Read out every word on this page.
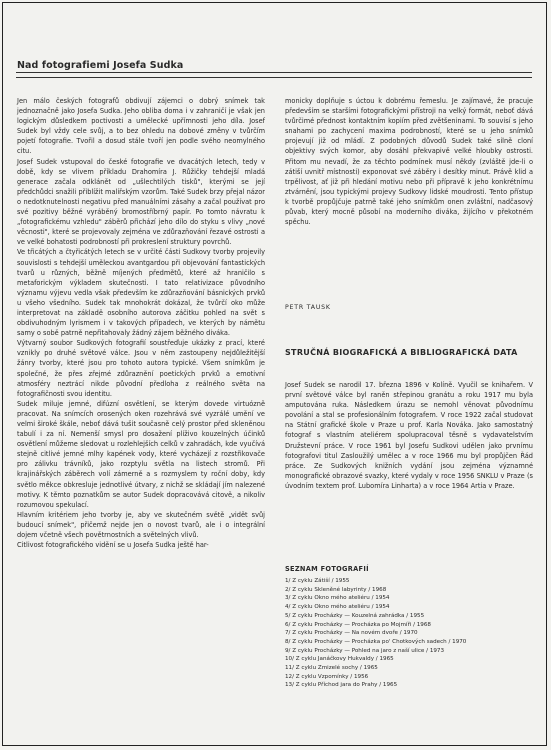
Nad fotografiemi Josefa Sudka

Jen málo českých fotografů obdivují zájemci o dobrý snímek tak jednoznačně jako Josefa Sudka. Jeho obliba doma i v zahraničí je však jen logickým důsledkem poctivosti a umělecké upřímnosti jeho díla. Josef Sudek byl vždy cele svůj, a to bez ohledu na dobové změny v tvůrčím pojetí fotografie. Tvořil a dosud stále tvoří jen podle svého neomylného citu.

Josef Sudek vstupoval do české fotografie ve dvacátých letech, tedy v době, kdy se vlivem příkladu Drahomíra J. Růžičky tehdejší mladá generace začala odklánět od „ušlechtilých tisků", kterými se její předchůdci snažili přiblížit malířským vzorům. Také Sudek brzy přejal názor o nedotknutelnosti negativu před manuálními zásahy a začal používat pro své pozitivy běžné vyráběný bromostříbrný papír. Po tomto návratu k „fotografickému vzhledu" záběrů přichází jeho dílo do styku s vlivy „nové věcnosti", které se projevovaly zejména ve zdůrazňování řezavé ostrosti a ve velké bohatosti podrobností při prokreslení struktury povrchů.

Ve třicátých a čtyřicátých letech se v určité části Sudkovy tvorby projevily souvislosti s tehdejší uměleckou avantgardou při objevování fantastických tvarů u různých, běžně míjených předmětů, které až hraničilo s metaforickým výkladem skutečnosti. I tato relativizace původního významu výjevu vedla však především ke zdůrazňování básnických prvků u všeho všedního. Sudek tak mnohokrát dokázal, že tvůrčí oko může interpretovat na základě osobního autorova záčitku pohled na svět s obdivuhodným lyrismem i v takových případech, ve kterých by námětu samy o sobě patrně nepřitahovaly žádný zájem běžného diváka.

Výtvarný soubor Sudkových fotografií soustřeďuje ukázky z prací, které vznikly po druhé světové válce. Jsou v něm zastoupeny nejdůležitější žánry tvorby, které jsou pro tohoto autora typické. Všem snímkům je společné, že přes zřejmé zdůraznění poetických prvků a emotivní atmosféry neztrácí nikde původní předloha z reálného světa na fotografičnosti svou identitu.

Sudek miluje jemné, difúzní osvětlení, se kterým dovede virtuózně pracovat. Na snímcích orosených oken rozehrává své vyzrálé umění ve velmi široké škále, neboť dává tušit současně celý prostor před skleněnou tabulí i za ní. Nemenší smysl pro dosažení plíživo kouzelných účinků osvětlení můžeme sledovat u rozlehlejších celků v zahradách, kde vyučívá stejně citlivé jemné mlhy kapének vody, které vycházejí z rozstřikovače pro zálivku trávníků, jako rozptylu světla na listech stromů. Při krajinářských záběrech volí zámerně a s rozmyslem ty roční doby, kdy světlo měkce obkresluje jednotlivé útvary, z nichž se skládají jím nalezené motivy. K těmto poznatkům se autor Sudek dopracovává citově, a nikoliv rozumovou spekulací.

Hlavním kritériem jeho tvorby je, aby ve skutečném světě „vidět svůj budoucí snímek", přičemž nejde jen o novost tvarů, ale i o integrální dojem včetně všech povětrnostních a světelných vlivů.

Citlivost fotografického vidění se u Josefa Sudka ještě har-

monicky doplňuje s úctou k dobrému řemeslu. Je zajímavé, že pracuje především se staršími fotografickými přístroji na velký formát, neboť dává tvůrčimé přednost kontaktním kopiím před zvětšeninami. To souvisí s jeho snahami po zachycení maxima podrobností, které se u jeho snímků projevují již od mládí. Z podobných důvodů Sudek také silně cloní objektivy svých komor, aby dosáhl překvapivě velké hloubky ostrosti. Přitom mu nevadí, že za těchto podmínek musí někdy (zvláště jde-li o zátiší uvnitř místnosti) exponovat své záběry i desítky minut. Právě klid a trpělivost, ať již při hledání motivu nebo při přípravě k jeho konkrétnímu ztvárnění, jsou typickými projevy Sudkovy lidské moudrosti. Tento přístup k tvorbě propůjčuje patrně také jeho snímkům onen zvláštní, nadčasový půvab, který mocně působí na moderního diváka, žijícího v překotném spěchu.

PETR TAUSK
STRUČNÁ BIOGRAFICKÁ A BIBLIOGRAFICKÁ DATA
Josef Sudek se narodil 17. března 1896 v Kolíně. Vyučil se knihařem. V první světové válce byl raněn střepinou granátu a roku 1917 mu byla amputována ruka. Následkem úrazu se nemohl věnovat původnímu povolání a stal se profesionálním fotografem. V roce 1922 začal studovat na Státní grafické škole v Praze u prof. Karla Nováka. Jako samostatný fotograf s vlastním ateliérem spolupracoval těsně s vydavatelstvím Družstevní práce. V roce 1961 byl Josefu Sudkovi udělen jako prvnímu fotografovi titul Zasloužilý umělec a v roce 1966 mu byl propůjčen Řád práce. Ze Sudkových knižních vydání jsou zejména významné monografické obrazové svazky, které vydaly v roce 1956 SNKLU v Praze (s úvodním textem prof. Lubomíra Linharta) a v roce 1964 Artia v Praze.
SEZNAM FOTOGRAFIÍ
1/ Z cyklu Zátiší / 1955
2/ Z cyklu Skleněné labyrinty / 1968
3/ Z cyklu Okno mého ateliéru / 1954
4/ Z cyklu Okno mého ateliéru / 1954
5/ Z cyklu Procházky — Kouzelná zahrádka / 1955
6/ Z cyklu Procházky — Procházka po Mojmíři / 1968
7/ Z cyklu Procházky — Na novém dvoře / 1970
8/ Z cyklu Procházky — Procházka po' Chotkových sadech / 1970
9/ Z cyklu Procházky — Pohled na jaro z naší ulice / 1973
10/ Z cyklu Janáčkovy Hukvaldy / 1965
11/ Z cyklu Zmizelé sochy / 1965
12/ Z cyklu Vzpomínky / 1956
13/ Z cyklu Příchod jara do Prahy / 1965
